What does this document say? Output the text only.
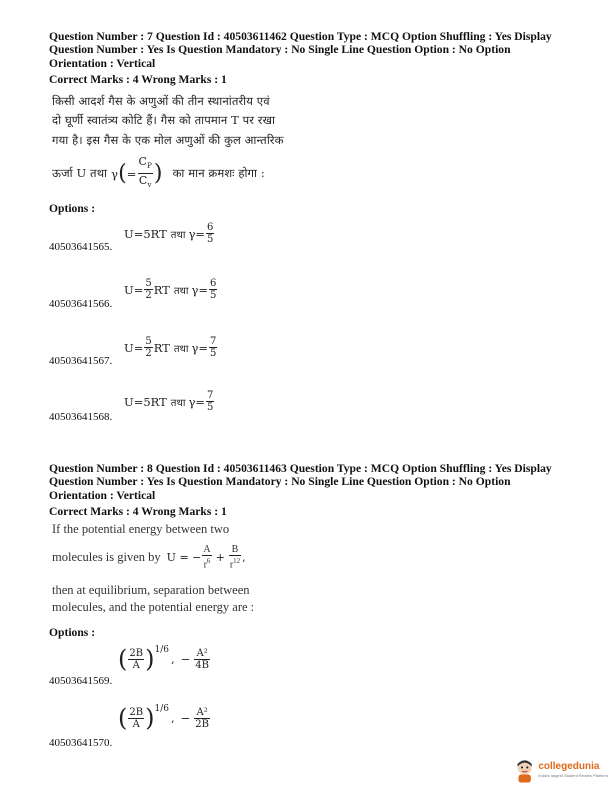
Question Number : 7 Question Id : 40503611462 Question Type : MCQ Option Shuffling : Yes Display
Question Number : Yes Is Question Mandatory : No Single Line Question Option : No Option
Orientation : Vertical
Correct Marks : 4 Wrong Marks : 1
किसी आदर्श गैस के अणुओं की तीन स्थानांतरीय एवं
दो घूर्णी स्वातंत्र्य कोटि हैं। गैस को तापमान T पर रखा
गया है। इस गैस के एक मोल अणुओं की कुल आन्तरिक
ऊर्जा U तथा γ ( = $\frac{C_P}{C_v}$ ) का मान क्रमशः होगा :
Options :
U=5RT तथा $\gamma= \frac{6}{5}$
40503641565.
$U= \frac{5}{2}$ RT तथा $\gamma= \frac{6}{5}$
40503641566.
$U= \frac{5}{2}$ RT तथा $\gamma= \frac{7}{5}$
40503641567.
U=5RT तथा $\gamma= \frac{7}{5}$
40503641568.
Question Number : 8 Question Id : 40503611463 Question Type : MCQ Option Shuffling : Yes Display
Question Number : Yes Is Question Mandatory : No Single Line Question Option : No Option
Orientation : Vertical
Correct Marks : 4 Wrong Marks : 1
If the potential energy between two
molecules is given by U = − $\frac{A}{r^6} + \frac{B}{r^{12}}$ ,
then at equilibrium, separation between
molecules, and the potential energy are :
Options :
( $\frac{2B}{A} )^{1/6}$
, − $\frac{\text{A²}}{4B}$
40503641569.
( $\frac{2B}{A} )^{1/6}$
, − $\frac{\text{A²}}{2B}$
40503641570.
collegedunia
India's largest Student Review Platform
